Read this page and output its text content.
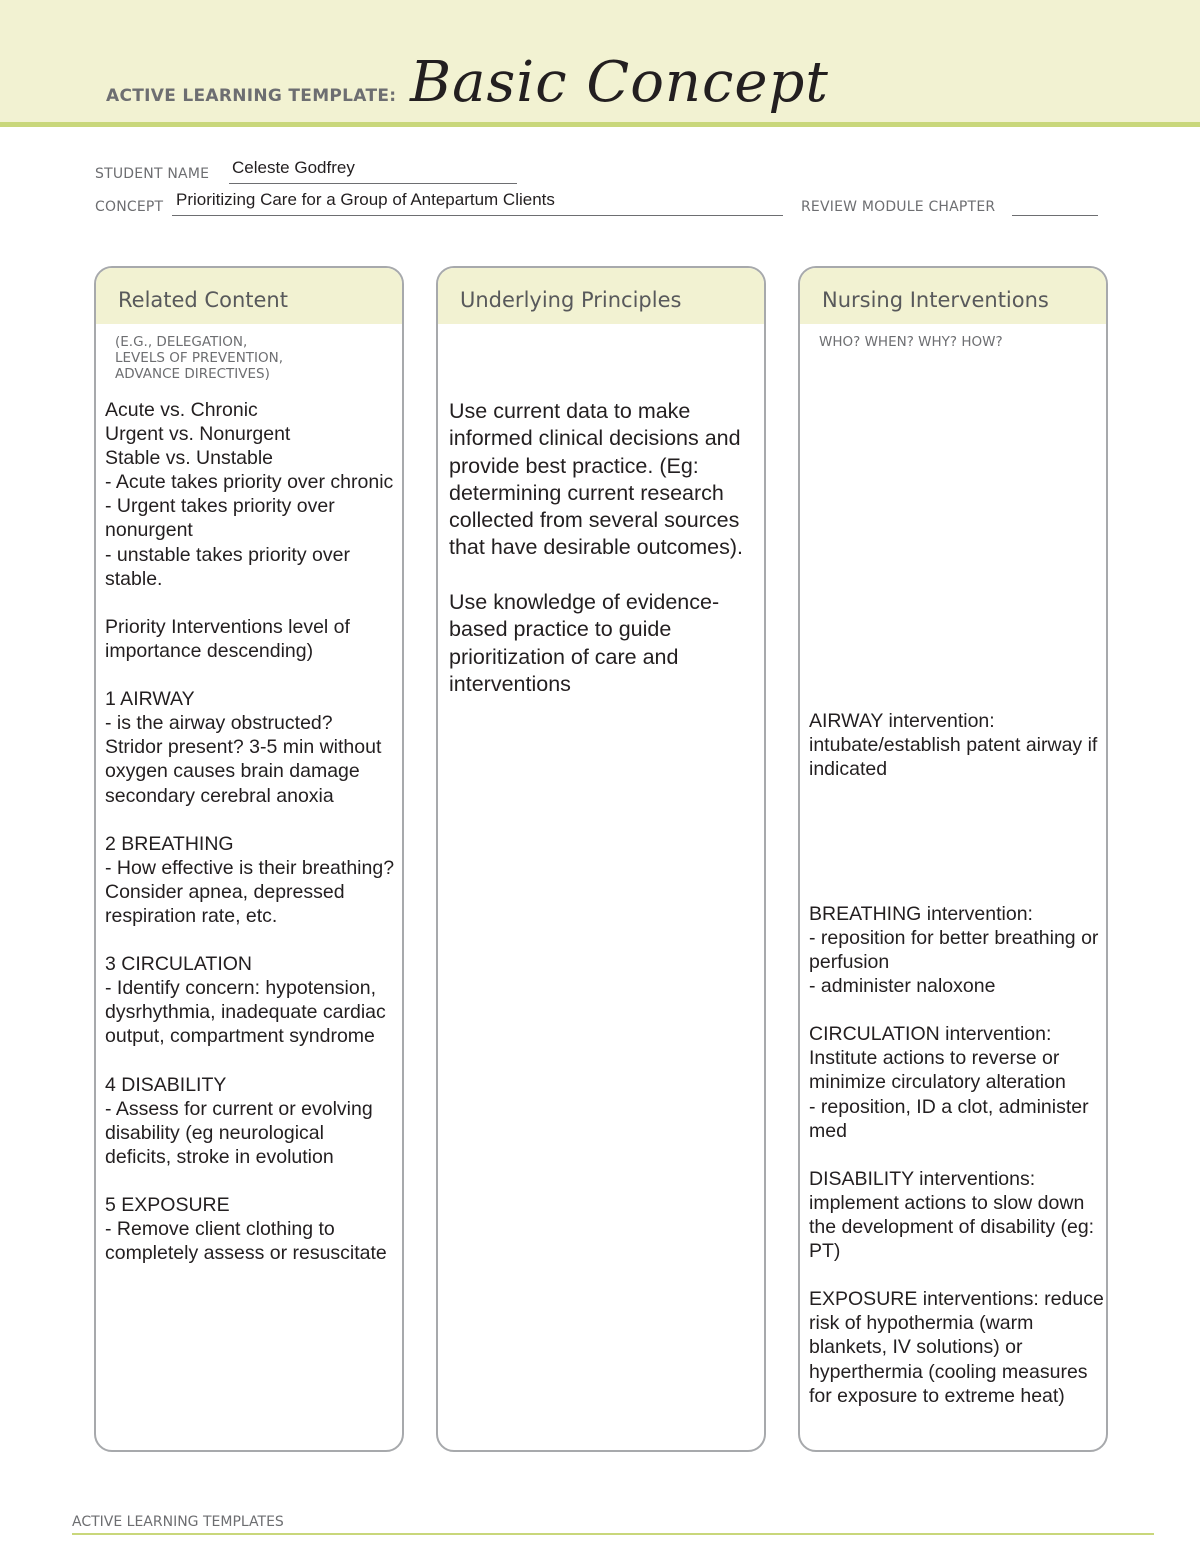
ACTIVE LEARNING TEMPLATE: Basic Concept
STUDENT NAME Celeste Godfrey
CONCEPT Prioritizing Care for a Group of Antepartum Clients	REVIEW MODULE CHAPTER
Related Content
(E.G., DELEGATION,
LEVELS OF PREVENTION,
ADVANCE DIRECTIVES)
Acute vs. Chronic
Urgent vs. Nonurgent
Stable vs. Unstable
- Acute takes priority over chronic
- Urgent takes priority over nonurgent
- unstable takes priority over stable.

Priority Interventions level of importance descending)

1 AIRWAY
- is the airway obstructed? Stridor present? 3-5 min without oxygen causes brain damage secondary cerebral anoxia

2 BREATHING
- How effective is their breathing? Consider apnea, depressed respiration rate, etc.

3 CIRCULATION
- Identify concern: hypotension, dysrhythmia, inadequate cardiac output, compartment syndrome

4 DISABILITY
- Assess for current or evolving disability (eg neurological deficits, stroke in evolution

5 EXPOSURE
- Remove client clothing to completely assess or resuscitate
Underlying Principles
Use current data to make informed clinical decisions and provide best practice. (Eg: determining current research collected from several sources that have desirable outcomes).

Use knowledge of evidence-based practice to guide prioritization of care and interventions
Nursing Interventions
WHO? WHEN? WHY? HOW?
AIRWAY intervention: intubate/establish patent airway if indicated

BREATHING intervention:
- reposition for better breathing or perfusion
- administer naloxone

CIRCULATION intervention: Institute actions to reverse or minimize circulatory alteration
- reposition, ID a clot, administer med

DISABILITY interventions: implement actions to slow down the development of disability (eg: PT)

EXPOSURE interventions: reduce risk of hypothermia (warm blankets, IV solutions) or hyperthermia (cooling measures for exposure to extreme heat)
ACTIVE LEARNING TEMPLATES
